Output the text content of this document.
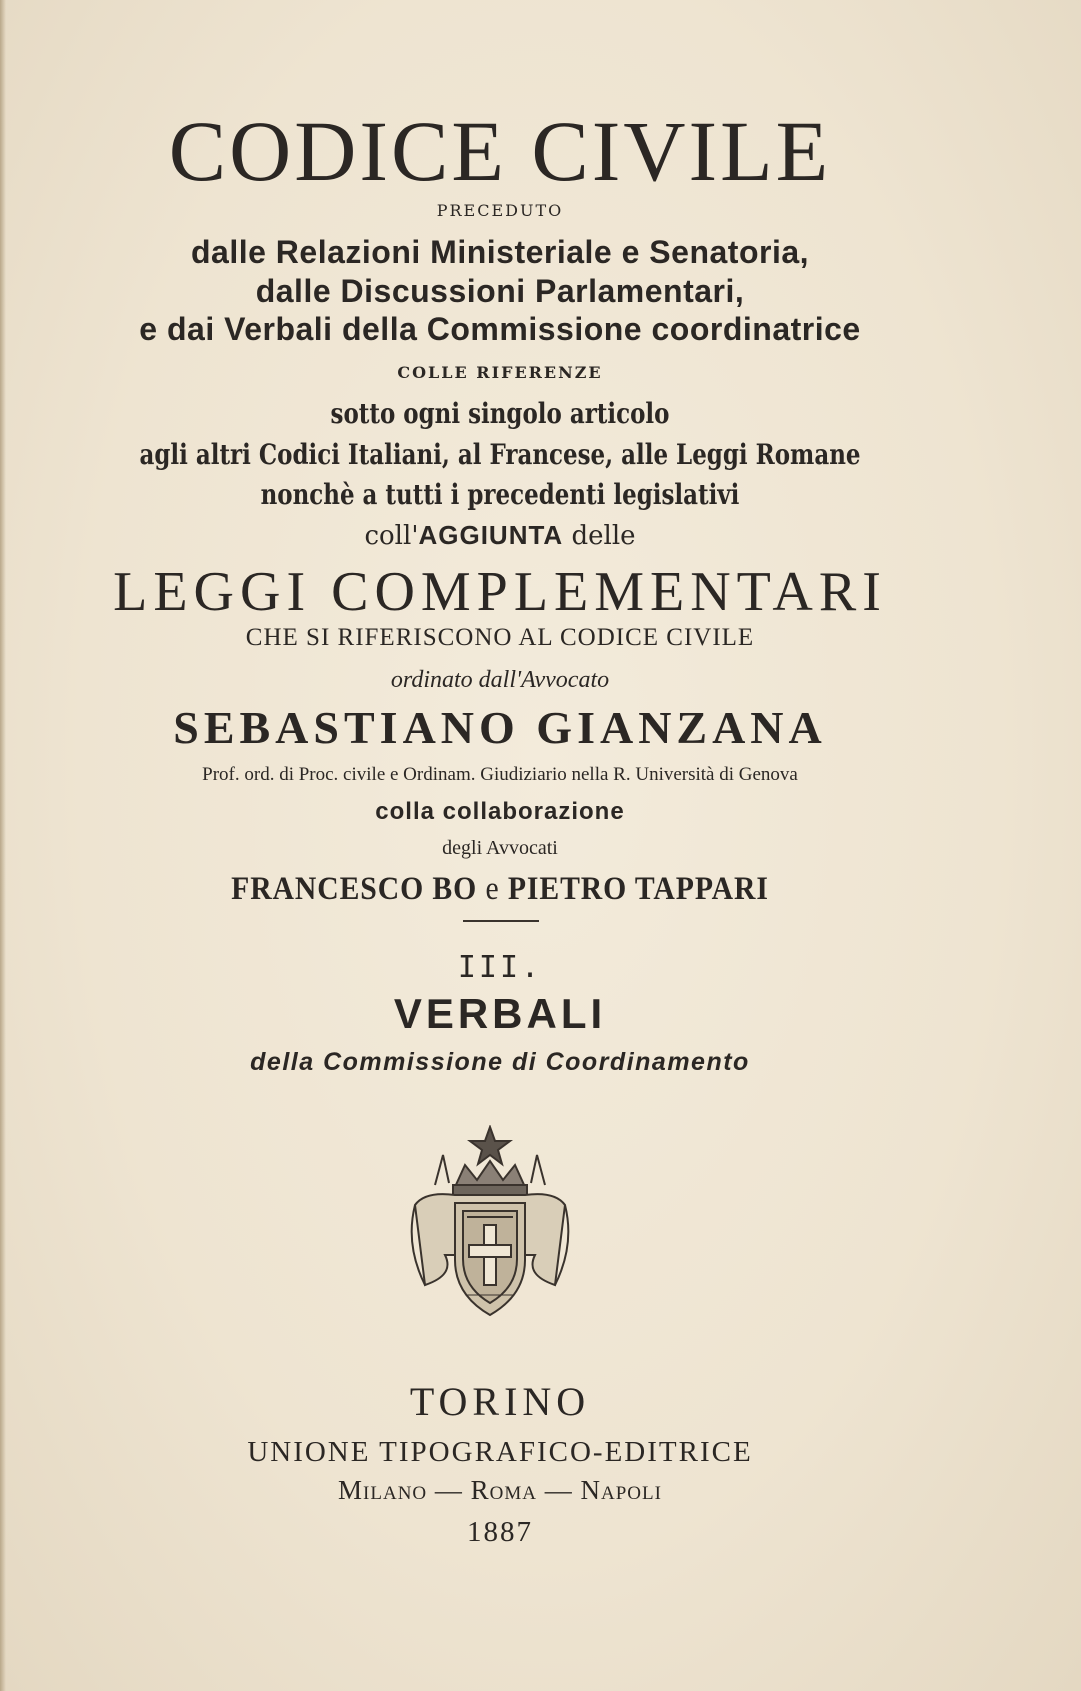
CODICE CIVILE
PRECEDUTO
dalle Relazioni Ministeriale e Senatoria,
dalle Discussioni Parlamentari,
e dai Verbali della Commissione coordinatrice
COLLE RIFERENZE
sotto ogni singolo articolo
agli altri Codici Italiani, al Francese, alle Leggi Romane
nonchè a tutti i precedenti legislativi
coll'AGGIUNTA delle
LEGGI COMPLEMENTARI
CHE SI RIFERISCONO AL CODICE CIVILE
ordinato dall'Avvocato
SEBASTIANO GIANZANA
Prof. ord. di Proc. civile e Ordinam. Giudiziario nella R. Università di Genova
colla collaborazione
degli Avvocati
FRANCESCO BO e PIETRO TAPPARI
III.
VERBALI
della Commissione di Coordinamento
TORINO
UNIONE TIPOGRAFICO-EDITRICE
Milano — Roma — Napoli
1887
